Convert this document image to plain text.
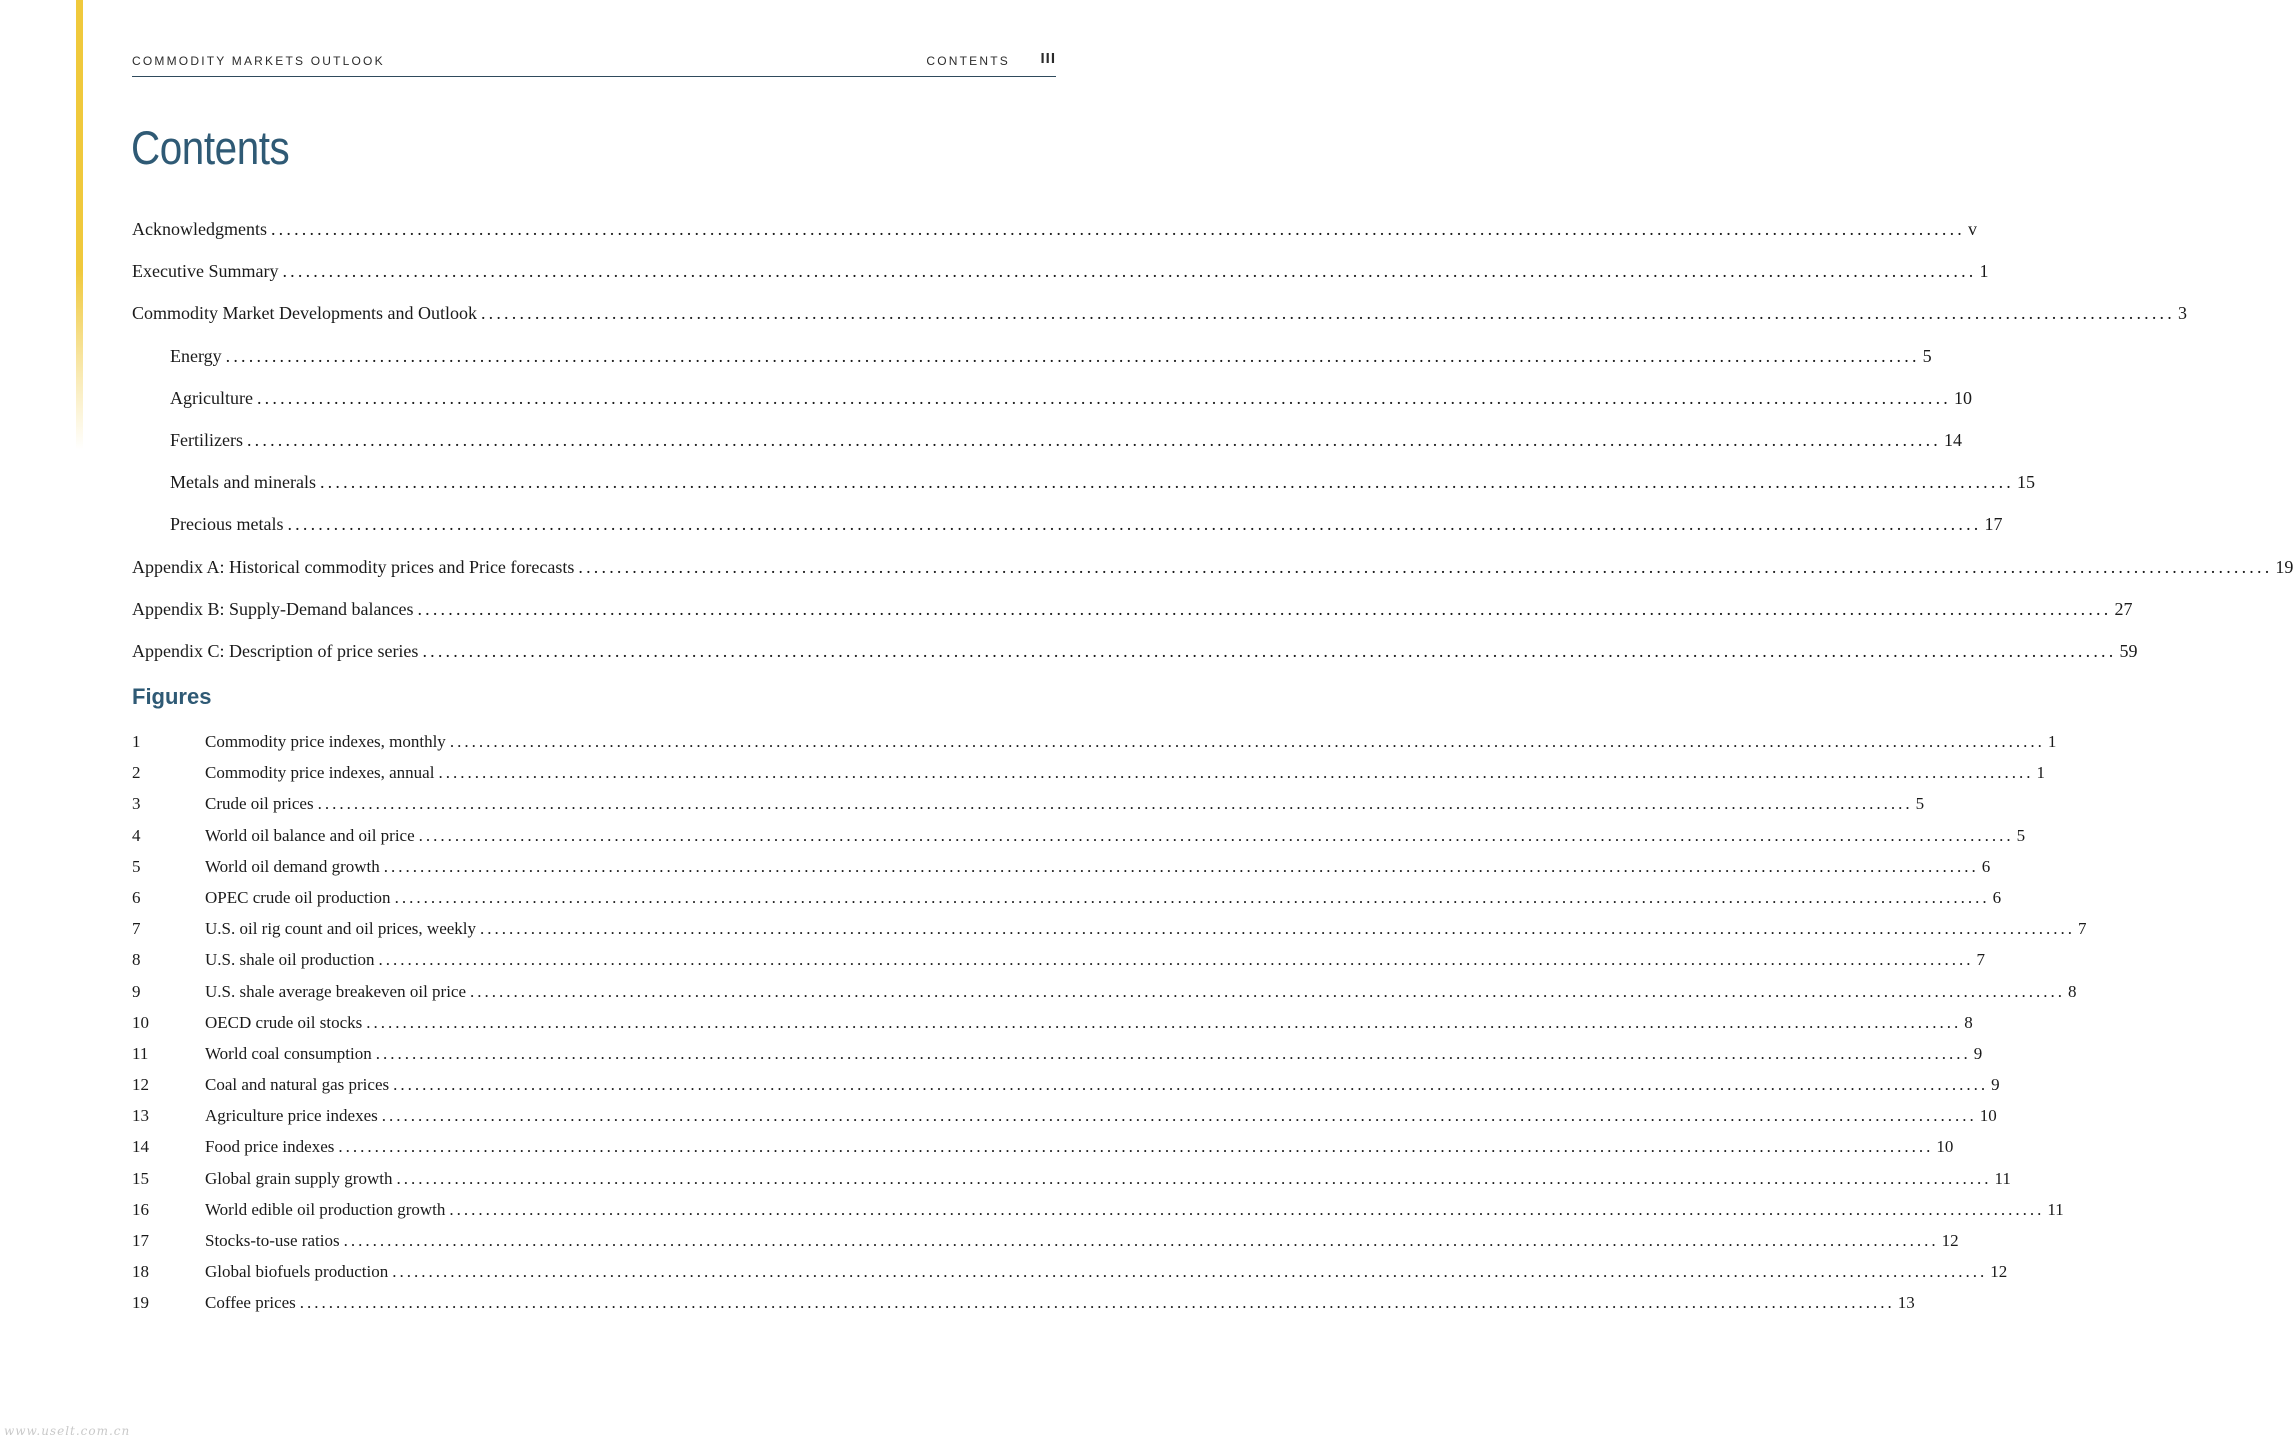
COMMODITY MARKETS OUTLOOK	CONTENTS III
Contents
Acknowledgments ............................................................................................................................................................................................................................ v
Executive Summary ............................................................................................................................................................................................................................ 1
Commodity Market Developments and Outlook ............................................................................................................................................................................................................................ 3
Energy ............................................................................................................................................................................................................................ 5
Agriculture ............................................................................................................................................................................................................................ 10
Fertilizers ............................................................................................................................................................................................................................ 14
Metals and minerals ............................................................................................................................................................................................................................ 15
Precious metals ............................................................................................................................................................................................................................ 17
Appendix A: Historical commodity prices and Price forecasts ............................................................................................................................................................................................................................ 19
Appendix B: Supply-Demand balances ............................................................................................................................................................................................................................ 27
Appendix C: Description of price series ............................................................................................................................................................................................................................ 59
Figures
1	Commodity price indexes, monthly ............................................................................................................................................................................................................................ 1
2	Commodity price indexes, annual ............................................................................................................................................................................................................................ 1
3	Crude oil prices ............................................................................................................................................................................................................................ 5
4	World oil balance and oil price ............................................................................................................................................................................................................................ 5
5	World oil demand growth ............................................................................................................................................................................................................................ 6
6	OPEC crude oil production ............................................................................................................................................................................................................................ 6
7	U.S. oil rig count and oil prices, weekly ............................................................................................................................................................................................................................ 7
8	U.S. shale oil production ............................................................................................................................................................................................................................ 7
9	U.S. shale average breakeven oil price ............................................................................................................................................................................................................................ 8
10	OECD crude oil stocks ............................................................................................................................................................................................................................ 8
11	World coal consumption ............................................................................................................................................................................................................................ 9
12	Coal and natural gas prices ............................................................................................................................................................................................................................ 9
13	Agriculture price indexes ............................................................................................................................................................................................................................ 10
14	Food price indexes ............................................................................................................................................................................................................................ 10
15	Global grain supply growth ............................................................................................................................................................................................................................ 11
16	World edible oil production growth ............................................................................................................................................................................................................................ 11
17	Stocks-to-use ratios ............................................................................................................................................................................................................................ 12
18	Global biofuels production ............................................................................................................................................................................................................................ 12
19	Coffee prices ............................................................................................................................................................................................................................ 13
www.uselt.com.cn
